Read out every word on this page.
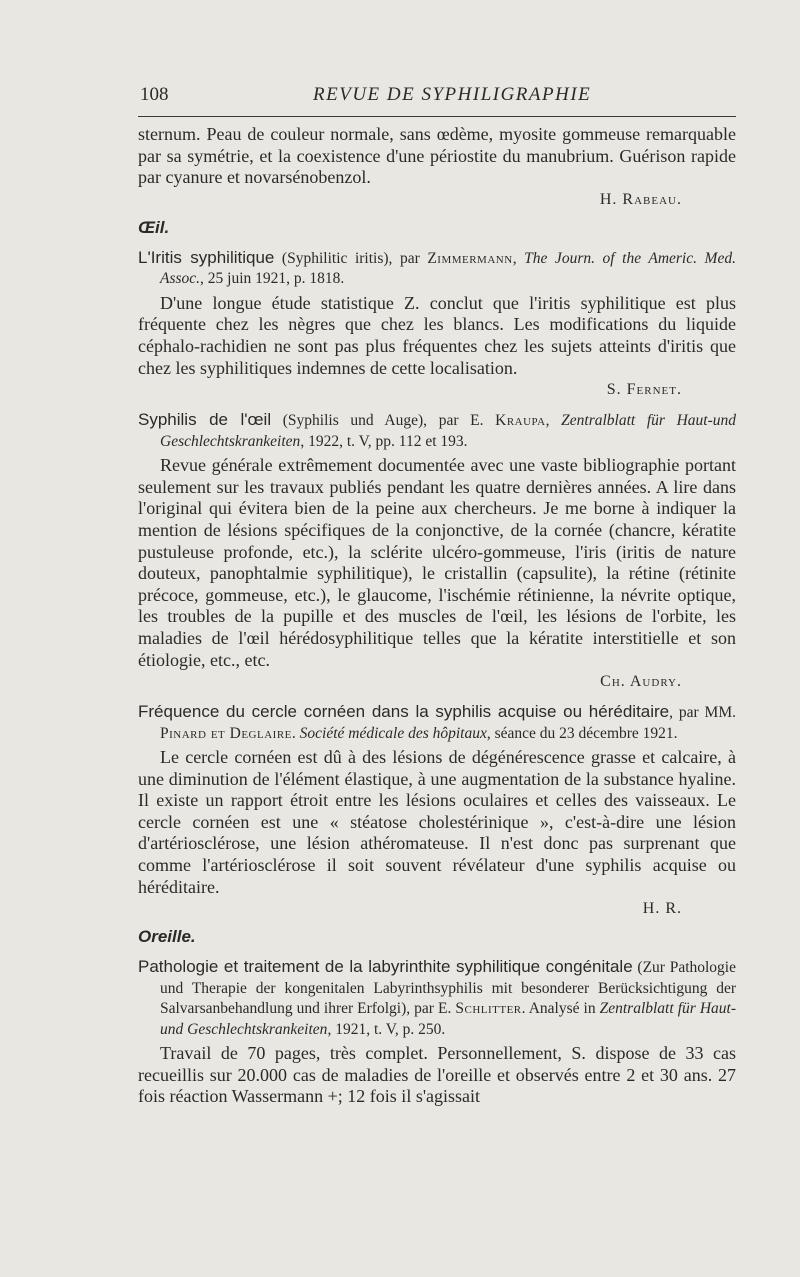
108	REVUE DE SYPHILIGRAPHIE

sternum. Peau de couleur normale, sans œdème, myosite gommeuse remarquable par sa symétrie, et la coexistence d'une périostite du manubrium. Guérison rapide par cyanure et novarsénobenzol.

H. Rabeau.

Œil.

L'Iritis syphilitique (Syphilitic iritis), par Zimmermann, The Journ. of the Americ. Med. Assoc., 25 juin 1921, p. 1818.

D'une longue étude statistique Z. conclut que l'iritis syphilitique est plus fréquente chez les nègres que chez les blancs. Les modifications du liquide céphalo-rachidien ne sont pas plus fréquentes chez les sujets atteints d'iritis que chez les syphilitiques indemnes de cette localisation.

S. Fernet.

Syphilis de l'œil (Syphilis und Auge), par E. Kraupa, Zentralblatt für Haut-und Geschlechtskrankeiten, 1922, t. V, pp. 112 et 193.

Revue générale extrêmement documentée avec une vaste bibliographie portant seulement sur les travaux publiés pendant les quatre dernières années. A lire dans l'original qui évitera bien de la peine aux chercheurs. Je me borne à indiquer la mention de lésions spécifiques de la conjonctive, de la cornée (chancre, kératite pustuleuse profonde, etc.), la sclérite ulcéro-gommeuse, l'iris (iritis de nature douteux, panophtalmie syphilitique), le cristallin (capsulite), la rétine (rétinite précoce, gommeuse, etc.), le glaucome, l'ischémie rétinienne, la névrite optique, les troubles de la pupille et des muscles de l'œil, les lésions de l'orbite, les maladies de l'œil hérédosyphilitique telles que la kératite interstitielle et son étiologie, etc., etc.

Ch. Audry.

Fréquence du cercle cornéen dans la syphilis acquise ou héréditaire, par MM. Pinard et Deglaire. Société médicale des hôpitaux, séance du 23 décembre 1921.

Le cercle cornéen est dû à des lésions de dégénérescence grasse et calcaire, à une diminution de l'élément élastique, à une augmentation de la substance hyaline. Il existe un rapport étroit entre les lésions oculaires et celles des vaisseaux. Le cercle cornéen est une « stéatose cholestérinique », c'est-à-dire une lésion d'artériosclérose, une lésion athéromateuse. Il n'est donc pas surprenant que comme l'artériosclérose il soit souvent révélateur d'une syphilis acquise ou héréditaire.

H. R.

Oreille.

Pathologie et traitement de la labyrinthite syphilitique congénitale (Zur Pathologie und Therapie der kongenitalen Labyrinthsyphilis mit besonderer Berücksichtigung der Salvarsanbehandlung und ihrer Erfolgi), par E. Schlitter. Analysé in Zentralblatt für Haut-und Geschlechtskrankeiten, 1921, t. V, p. 250.

Travail de 70 pages, très complet. Personnellement, S. dispose de 33 cas recueillis sur 20.000 cas de maladies de l'oreille et observés entre 2 et 30 ans. 27 fois réaction Wassermann +; 12 fois il s'agissait
